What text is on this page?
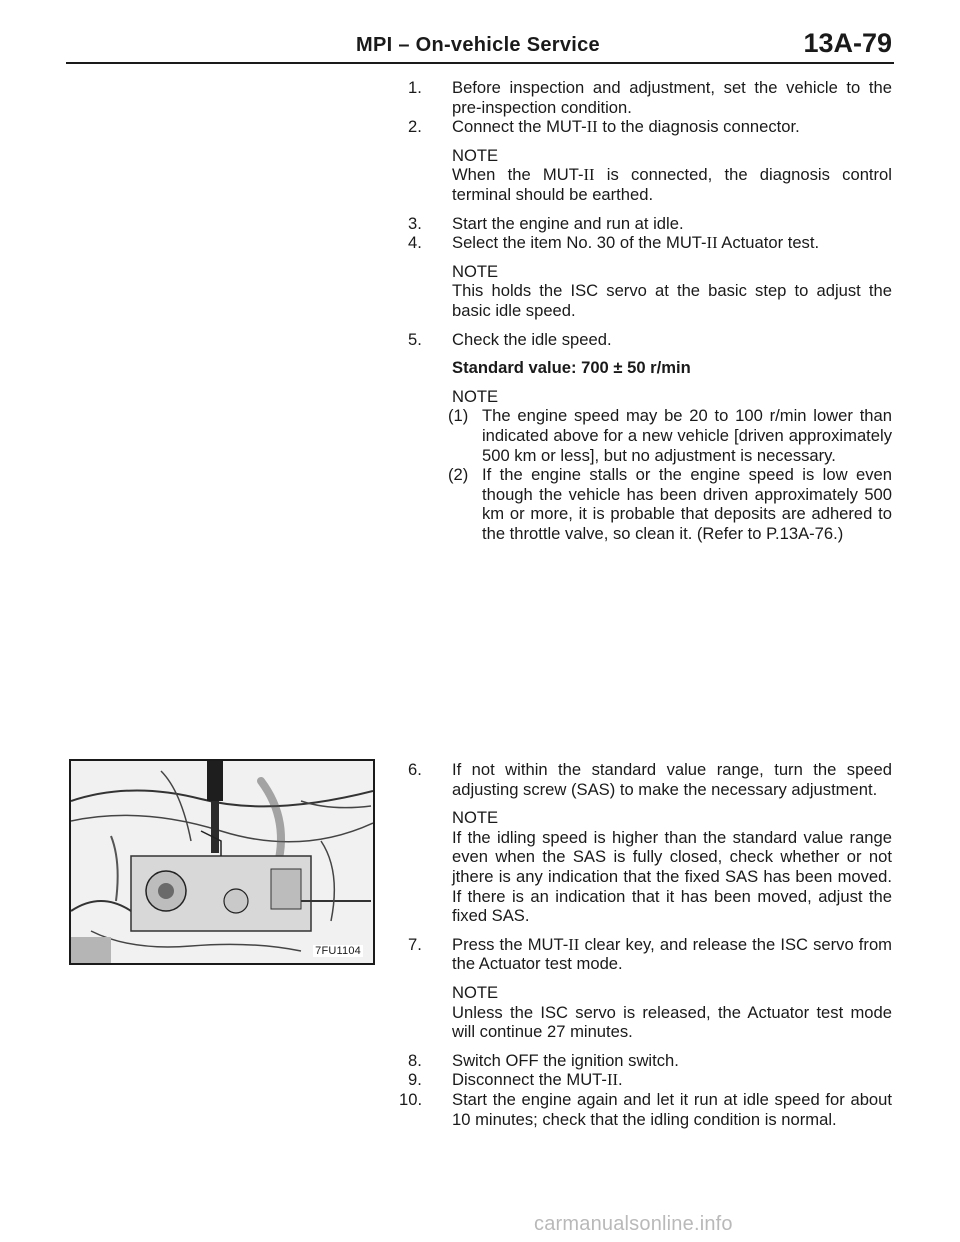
MPI – On-vehicle Service	13A-79

1. Before inspection and adjustment, set the vehicle to the pre-inspection condition.

2. Connect the MUT-II to the diagnosis connector.

NOTE

When the MUT-II is connected, the diagnosis control terminal should be earthed.

3. Start the engine and run at idle.

4. Select the item No. 30 of the MUT-II Actuator test.

NOTE

This holds the ISC servo at the basic step to adjust the basic idle speed.

5. Check the idle speed.

Standard value: 700 ± 50 r/min

NOTE

(1) The engine speed may be 20 to 100 r/min lower than indicated above for a new vehicle [driven approximately 500 km or less], but no adjustment is necessary.

(2) If the engine stalls or the engine speed is low even though the vehicle has been driven approximately 500 km or more, it is probable that deposits are adhered to the throttle valve, so clean it. (Refer to P.13A-76.)

7FU1104

6. If not within the standard value range, turn the speed adjusting screw (SAS) to make the necessary adjustment.

NOTE

If the idling speed is higher than the standard value range even when the SAS is fully closed, check whether or not jthere is any indication that the fixed SAS has been moved. If there is an indication that it has been moved, adjust the fixed SAS.

7. Press the MUT-II clear key, and release the ISC servo from the Actuator test mode.

NOTE

Unless the ISC servo is released, the Actuator test mode will continue 27 minutes.

8. Switch OFF the ignition switch.

9. Disconnect the MUT-II.

10. Start the engine again and let it run at idle speed for about 10 minutes; check that the idling condition is normal.

carmanualsonline.info
